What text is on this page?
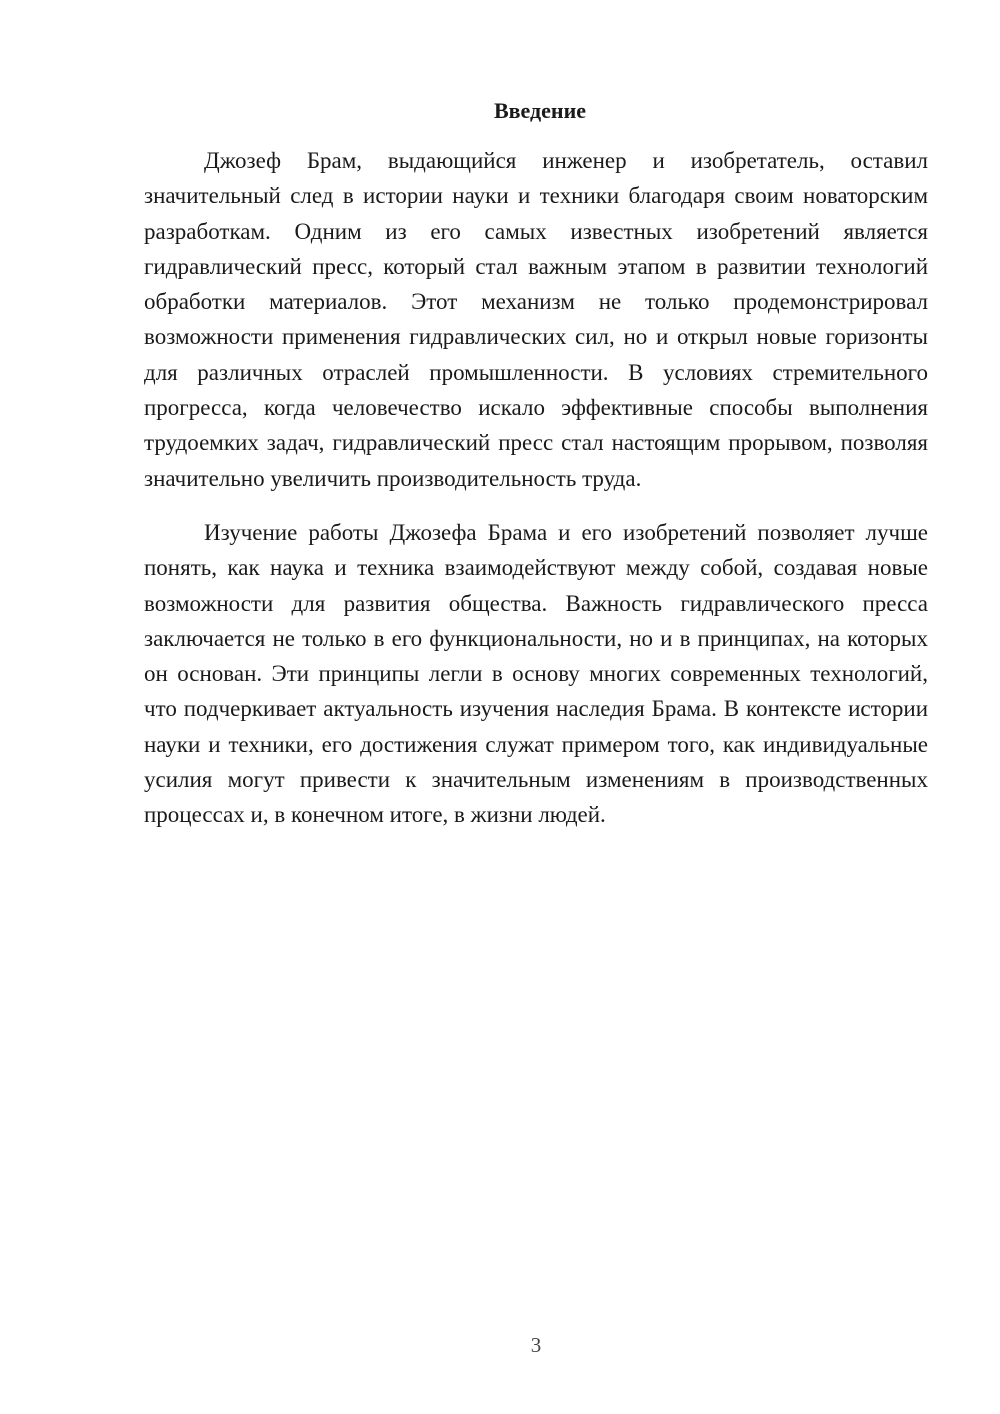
Введение

Джозеф Брам, выдающийся инженер и изобретатель, оставил значительный след в истории науки и техники благодаря своим новаторским разработкам. Одним из его самых известных изобретений является гидравлический пресс, который стал важным этапом в развитии технологий обработки материалов. Этот механизм не только продемонстрировал возможности применения гидравлических сил, но и открыл новые горизонты для различных отраслей промышленности. В условиях стремительного прогресса, когда человечество искало эффективные способы выполнения трудоемких задач, гидравлический пресс стал настоящим прорывом, позволяя значительно увеличить производительность труда.

Изучение работы Джозефа Брама и его изобретений позволяет лучше понять, как наука и техника взаимодействуют между собой, создавая новые возможности для развития общества. Важность гидравлического пресса заключается не только в его функциональности, но и в принципах, на которых он основан. Эти принципы легли в основу многих современных технологий, что подчеркивает актуальность изучения наследия Брама. В контексте истории науки и техники, его достижения служат примером того, как индивидуальные усилия могут привести к значительным изменениям в производственных процессах и, в конечном итоге, в жизни людей.

3
